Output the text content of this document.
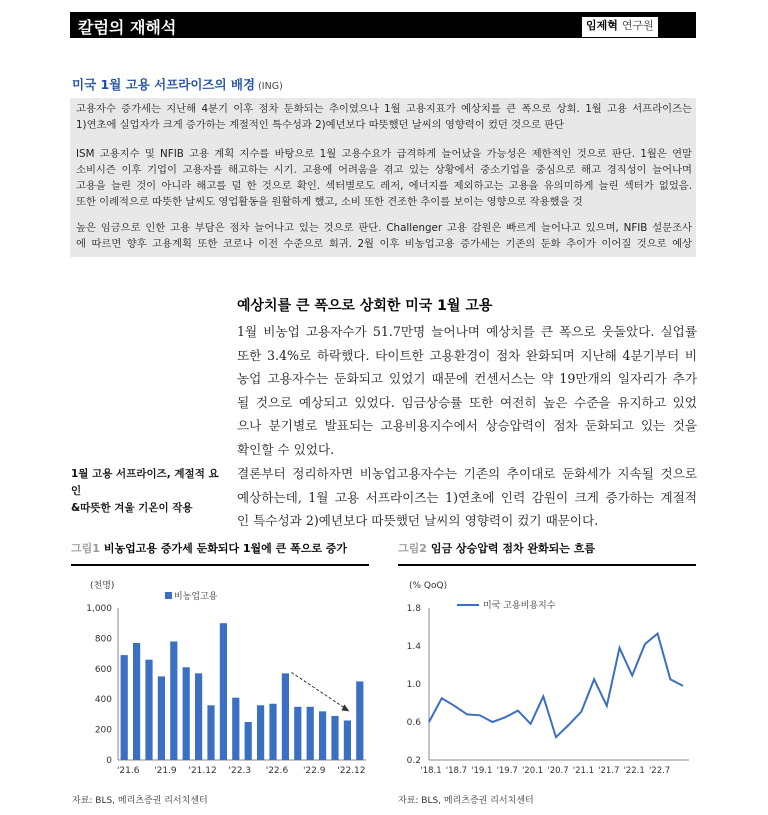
칼럼의 재해석	임제혁 연구원
미국 1월 고용 서프라이즈의 배경 (ING)

고용자수 증가세는 지난해 4분기 이후 점차 둔화되는 추이였으나 1월 고용지표가 예상치를 큰 폭으로 상회. 1월 고용 서프라이즈는
1)연초에 실업자가 크게 증가하는 계절적인 특수성과 2)예년보다 따뜻했던 날씨의 영향력이 컸던 것으로 판단

ISM 고용지수 및 NFIB 고용 계획 지수를 바탕으로 1월 고용수요가 급격하게 늘어났을 가능성은 제한적인 것으로 판단. 1월은 연말
소비시즌 이후 기업이 고용자를 해고하는 시기. 고용에 어려움을 겪고 있는 상황에서 중소기업을 중심으로 해고 경직성이 늘어나며
고용을 늘린 것이 아니라 해고를 덜 한 것으로 확인. 섹터별로도 레저, 에너지를 제외하고는 고용을 유의미하게 늘린 섹터가 없었음.
또한 이례적으로 따뜻한 날씨도 영업활동을 원활하게 했고, 소비 또한 견조한 추이를 보이는 영향으로 작용했을 것

높은 임금으로 인한 고용 부담은 점차 늘어나고 있는 것으로 판단. Challenger 고용 감원은 빠르게 늘어나고 있으며, NFIB 설문조사
에 따르면 향후 고용계획 또한 코로나 이전 수준으로 회귀. 2월 이후 비농업고용 증가세는 기존의 둔화 추이가 이어질 것으로 예상

예상치를 큰 폭으로 상회한 미국 1월 고용
1월 비농업 고용자수가 51.7만명 늘어나며 예상치를 큰 폭으로 웃돌았다. 실업률
또한 3.4%로 하락했다. 타이트한 고용환경이 점차 완화되며 지난해 4분기부터 비
농업 고용자수는 둔화되고 있었기 때문에 컨센서스는 약 19만개의 일자리가 추가
될 것으로 예상되고 있었다. 임금상승률 또한 여전히 높은 수준을 유지하고 있었
으나 분기별로 발표되는 고용비용지수에서 상승압력이 점차 둔화되고 있는 것을
확인할 수 있었다.
1월 고용 서프라이즈, 계절적 요인
&따뜻한 겨울 기온이 작용
결론부터 정리하자면 비농업고용자수는 기존의 추이대로 둔화세가 지속될 것으로
예상하는데, 1월 고용 서프라이즈는 1)연초에 인력 감원이 크게 증가하는 계절적
인 특수성과 2)예년보다 따뜻했던 날씨의 영향력이 컸기 때문이다.
그림1 비농업고용 증가세 둔화되다 1월에 큰 폭으로 증가	그림2 임금 상승압력 점차 완화되는 흐름
(천명)
0
200
400
600
800
1,000
'21.6 '21.9 '21.12 '22.3 '22.6 '22.9 '22.12
비농업고용
(% QoQ)
0.2
0.6
1.0
1.4
1.8
'18.1 '18.7 '19.1 '19.7 '20.1 '20.7 '21.1 '21.7 '22.1 '22.7
미국 고용비용지수
자료: BLS, 메리츠증권 리서치센터	자료: BLS, 메리츠증권 리서치센터
